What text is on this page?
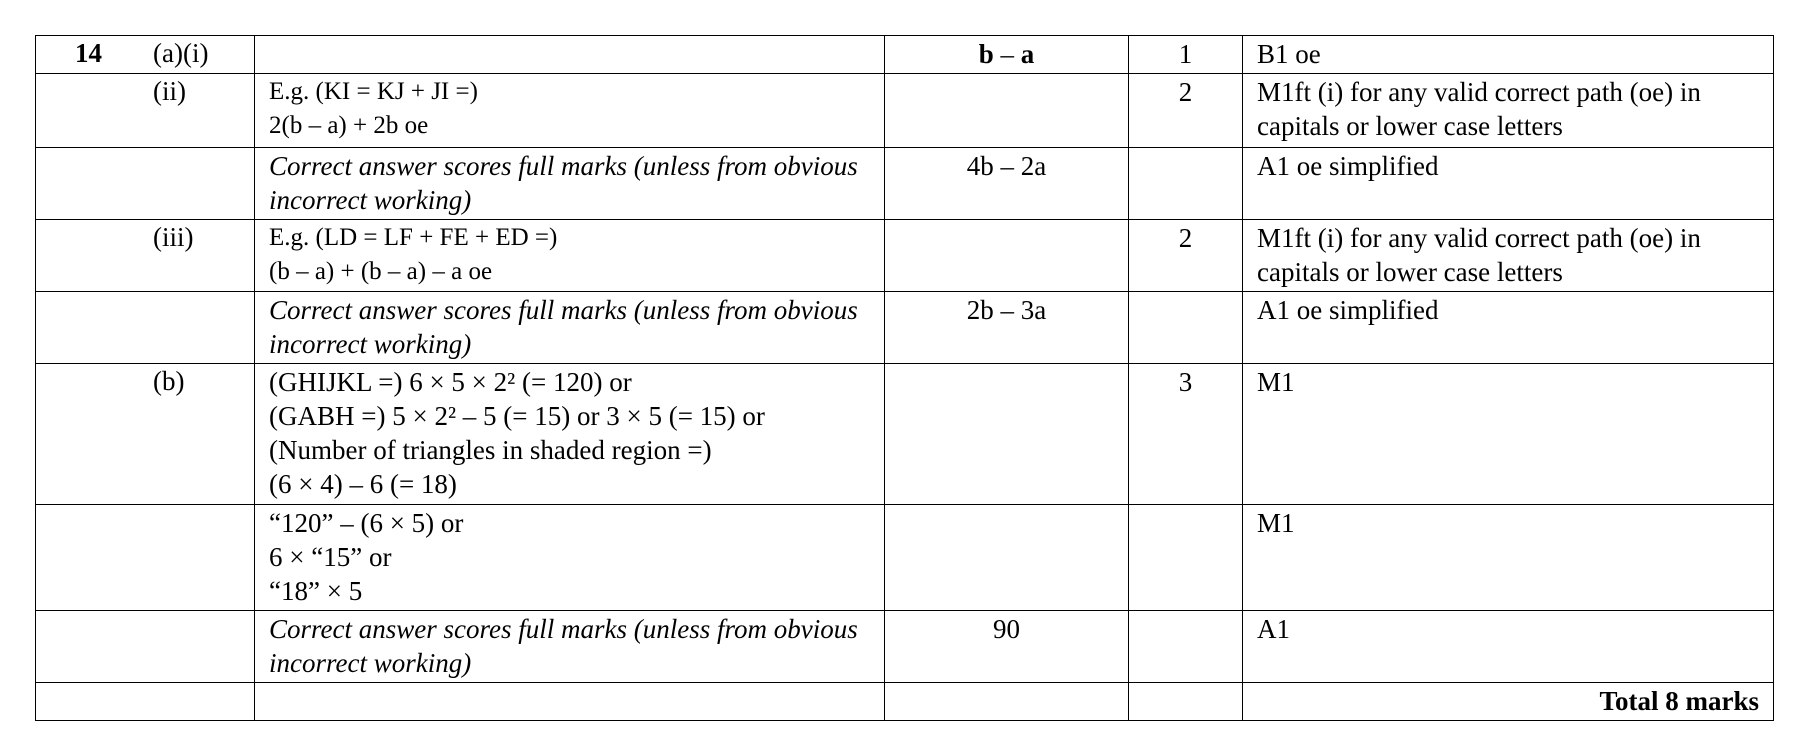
14 (a)(i)		b – a	1	B1 oe

(ii)	E.g. (KI = KJ + JI =)
2(b – a) + 2b oe		2	M1ft (i) for any valid correct path (oe) in capitals or lower case letters
	Correct answer scores full marks (unless from obvious incorrect working)	4b – 2a		A1 oe simplified

(iii)	E.g. (LD = LF + FE + ED =)
(b – a) + (b – a) – a oe		2	M1ft (i) for any valid correct path (oe) in capitals or lower case letters
	Correct answer scores full marks (unless from obvious incorrect working)	2b – 3a		A1 oe simplified

(b)	(GHIJKL =) 6 × 5 × 2² (= 120) or
(GABH =) 5 × 2² – 5 (= 15) or 3 × 5 (= 15) or
(Number of triangles in shaded region =)
(6 × 4) – 6 (= 18)		3	M1

	“120” – (6 × 5) or
6 × “15” or
“18” × 5			M1
	Correct answer scores full marks (unless from obvious incorrect working)	90		A1
				Total 8 marks
